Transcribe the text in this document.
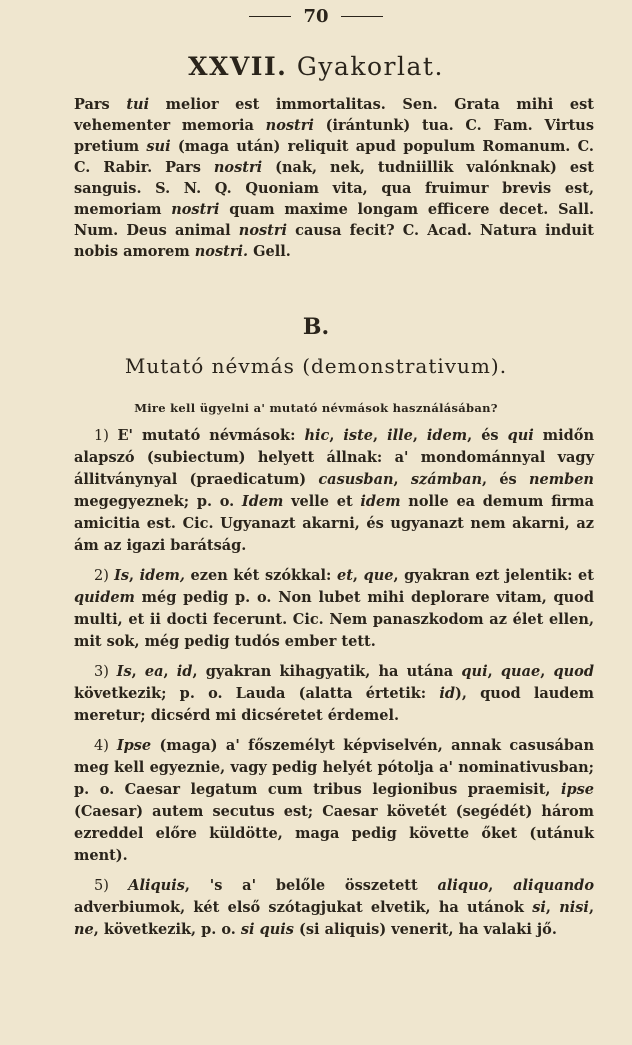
70
XXVII. Gyakorlat.
Pars tui melior est immortalitas. Sen. Grata mihi est vehementer memoria nostri (irántunk) tua. C. Fam. Virtus pretium sui (maga után) reliquit apud populum Romanum. C. C. Rabir. Pars nostri (nak, nek, tudniillik valónknak) est sanguis. S. N. Q. Quoniam vita, qua fruimur brevis est, memoriam nostri quam maxime longam efficere decet. Sall. Num. Deus animal nostri causa fecit? C. Acad. Natura induit nobis amorem nostri. Gell.
B.
Mutató névmás (demonstrativum).
Mire kell ügyelni a' mutató névmások használásában?

1) E' mutató névmások: hic, iste, ille, idem, és qui midőn alapszó (subiectum) helyett állnak: a' mondománnyal vagy állitványnyal (praedicatum) casusban, számban, és nemben megegyeznek; p. o. Idem velle et idem nolle ea demum firma amicitia est. Cic. Ugyanazt akarni, és ugyanazt nem akarni, az ám az igazi barátság.

2) Is, idem, ezen két szókkal: et, que, gyakran ezt jelentik: et quidem még pedig p. o. Non lubet mihi deplorare vitam, quod multi, et ii docti fecerunt. Cic. Nem panaszkodom az élet ellen, mit sok, még pedig tudós ember tett.

3) Is, ea, id, gyakran kihagyatik, ha utána qui, quae, quod következik; p. o. Lauda (alatta értetik: id), quod laudem meretur; dicsérd mi dicséretet érdemel.

4) Ipse (maga) a' főszemélyt képviselvén, annak casusában meg kell egyeznie, vagy pedig helyét pótolja a' nominativusban; p. o. Caesar legatum cum tribus legionibus praemisit, ipse (Caesar) autem secutus est; Caesar követét (segédét) három ezreddel előre küldötte, maga pedig követte őket (utánuk ment).

5) Aliquis, 's a' belőle összetett aliquo, aliquando adverbiumok, két első szótagjukat elvetik, ha utánok si, nisi, ne, következik, p. o. si quis (si aliquis) venerit, ha valaki jő.
